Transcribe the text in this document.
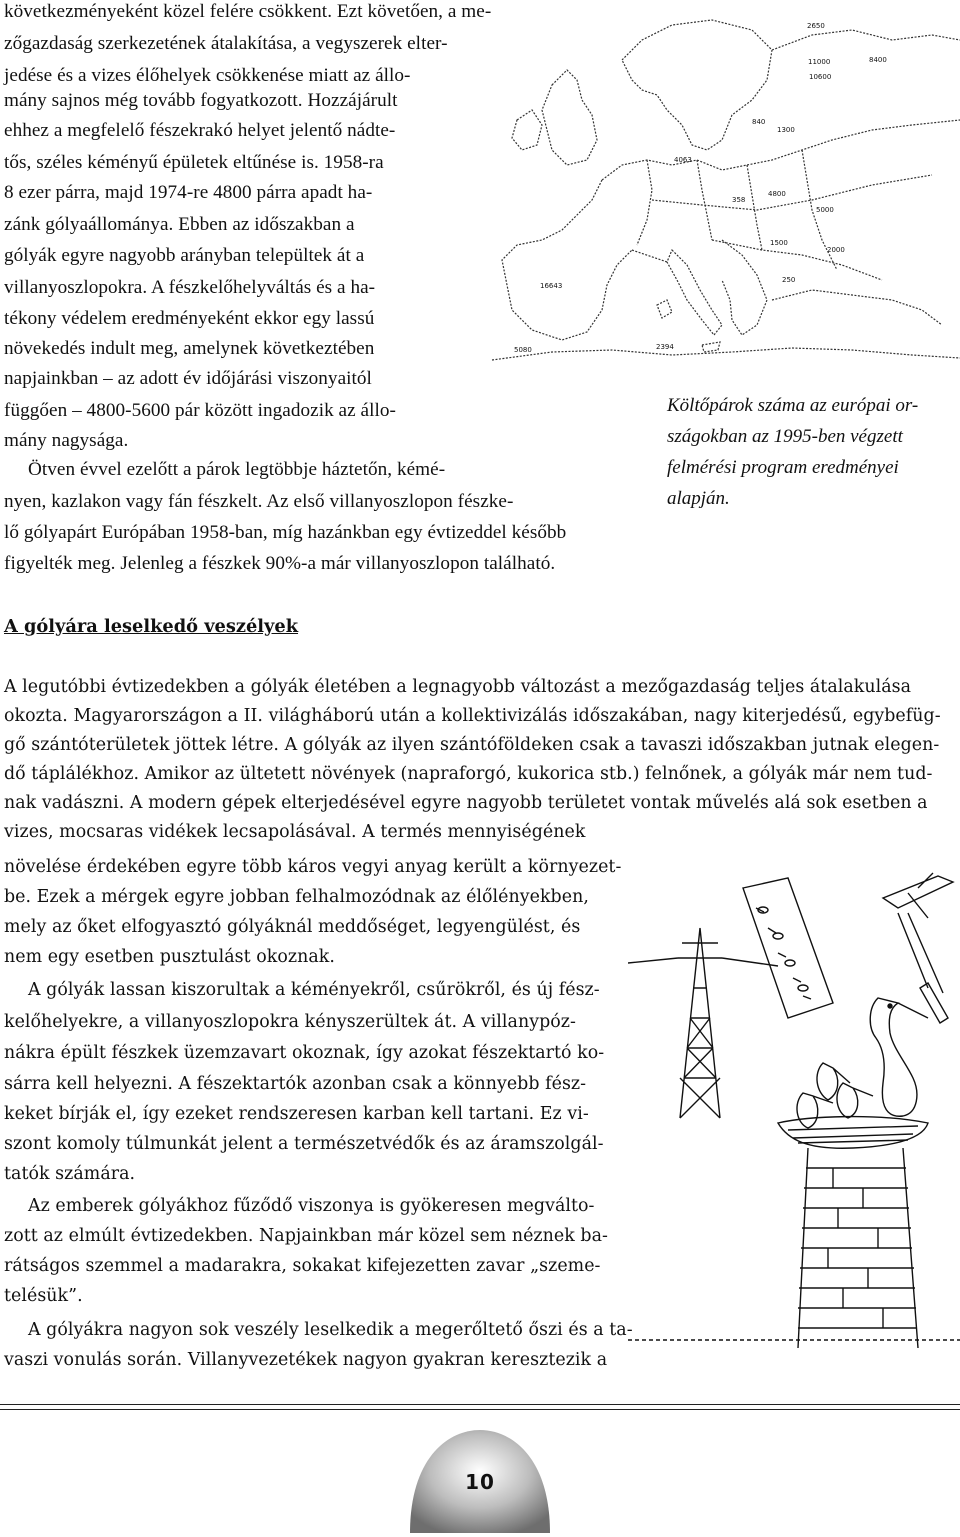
következményeként közel felére csökkent. Ezt követően, a me-
zőgazdaság szerkezetének átalakítása, a vegyszerek elter-
jedése és a vizes élőhelyek csökkenése miatt az állo-
mány sajnos még tovább fogyatkozott. Hozzájárult
ehhez a megfelelő fészekrakó helyet jelentő nádte-
tős, széles kéményű épületek eltűnése is. 1958-ra
8 ezer párra, majd 1974-re 4800 párra apadt ha-
zánk gólyaállománya. Ebben az időszakban a
gólyák egyre nagyobb arányban települtek át a
villanyoszlopokra. A fészkelőhelyváltás és a ha-
tékony védelem eredményeként ekkor egy lassú
növekedés indult meg, amelynek következtében
napjainkban – az adott év időjárási viszonyaitól
függően – 4800-5600 pár között ingadozik az állo-
mány nagysága.
Ötven évvel ezelőtt a párok legtöbbje háztetőn, kémé-
nyen, kazlakon vagy fán fészkelt. Az első villanyoszlopon fészke-
lő gólyapárt Európában 1958-ban, míg hazánkban egy évtizeddel később
figyelték meg. Jelenleg a fészkek 90%-a már villanyoszlopon található.
2650
8400
11000
10600
1300
840
4063
358
4800
5000
1500
2000
16643
5080	2394
250
Költőpárok száma az európai or-
szágokban az 1995-ben végzett
felmérési program eredményei
alapján.
A gólyára leselkedő veszélyek
A legutóbbi évtizedekben a gólyák életében a legnagyobb változást a mezőgazdaság teljes átalakulása
okozta. Magyarországon a II. világháború után a kollektivizálás időszakában, nagy kiterjedésű, egybefüg-
gő szántóterületek jöttek létre. A gólyák az ilyen szántóföldeken csak a tavaszi időszakban jutnak elegen-
dő táplálékhoz. Amikor az ültetett növények (napraforgó, kukorica stb.) felnőnek, a gólyák már nem tud-
nak vadászni. A modern gépek elterjedésével egyre nagyobb területet vontak művelés alá sok esetben a
vizes, mocsaras vidékek lecsapolásával. A termés mennyiségének
növelése érdekében egyre több káros vegyi anyag került a környezet-
be. Ezek a mérgek egyre jobban felhalmozódnak az élőlényekben,
mely az őket elfogyasztó gólyáknál meddőséget, legyengülést, és
nem egy esetben pusztulást okoznak.
A gólyák lassan kiszorultak a kéményekről, csűrökről, és új fész-
kelőhelyekre, a villanyoszlopokra kényszerültek át. A villanypóz-
nákra épült fészkek üzemzavart okoznak, így azokat fészektartó ko-
sárra kell helyezni. A fészektartók azonban csak a könnyebb fész-
keket bírják el, így ezeket rendszeresen karban kell tartani. Ez vi-
szont komoly túlmunkát jelent a természetvédők és az áramszolgál-
tatók számára.
Az emberek gólyákhoz fűződő viszonya is gyökeresen megválto-
zott az elmúlt évtizedekben. Napjainkban már közel sem néznek ba-
rátságos szemmel a madarakra, sokakat kifejezetten zavar „szeme-
telésük”.
A gólyákra nagyon sok veszély leselkedik a megerőltető őszi és a ta-
vaszi vonulás során. Villanyvezetékek nagyon gyakran keresztezik a
10
